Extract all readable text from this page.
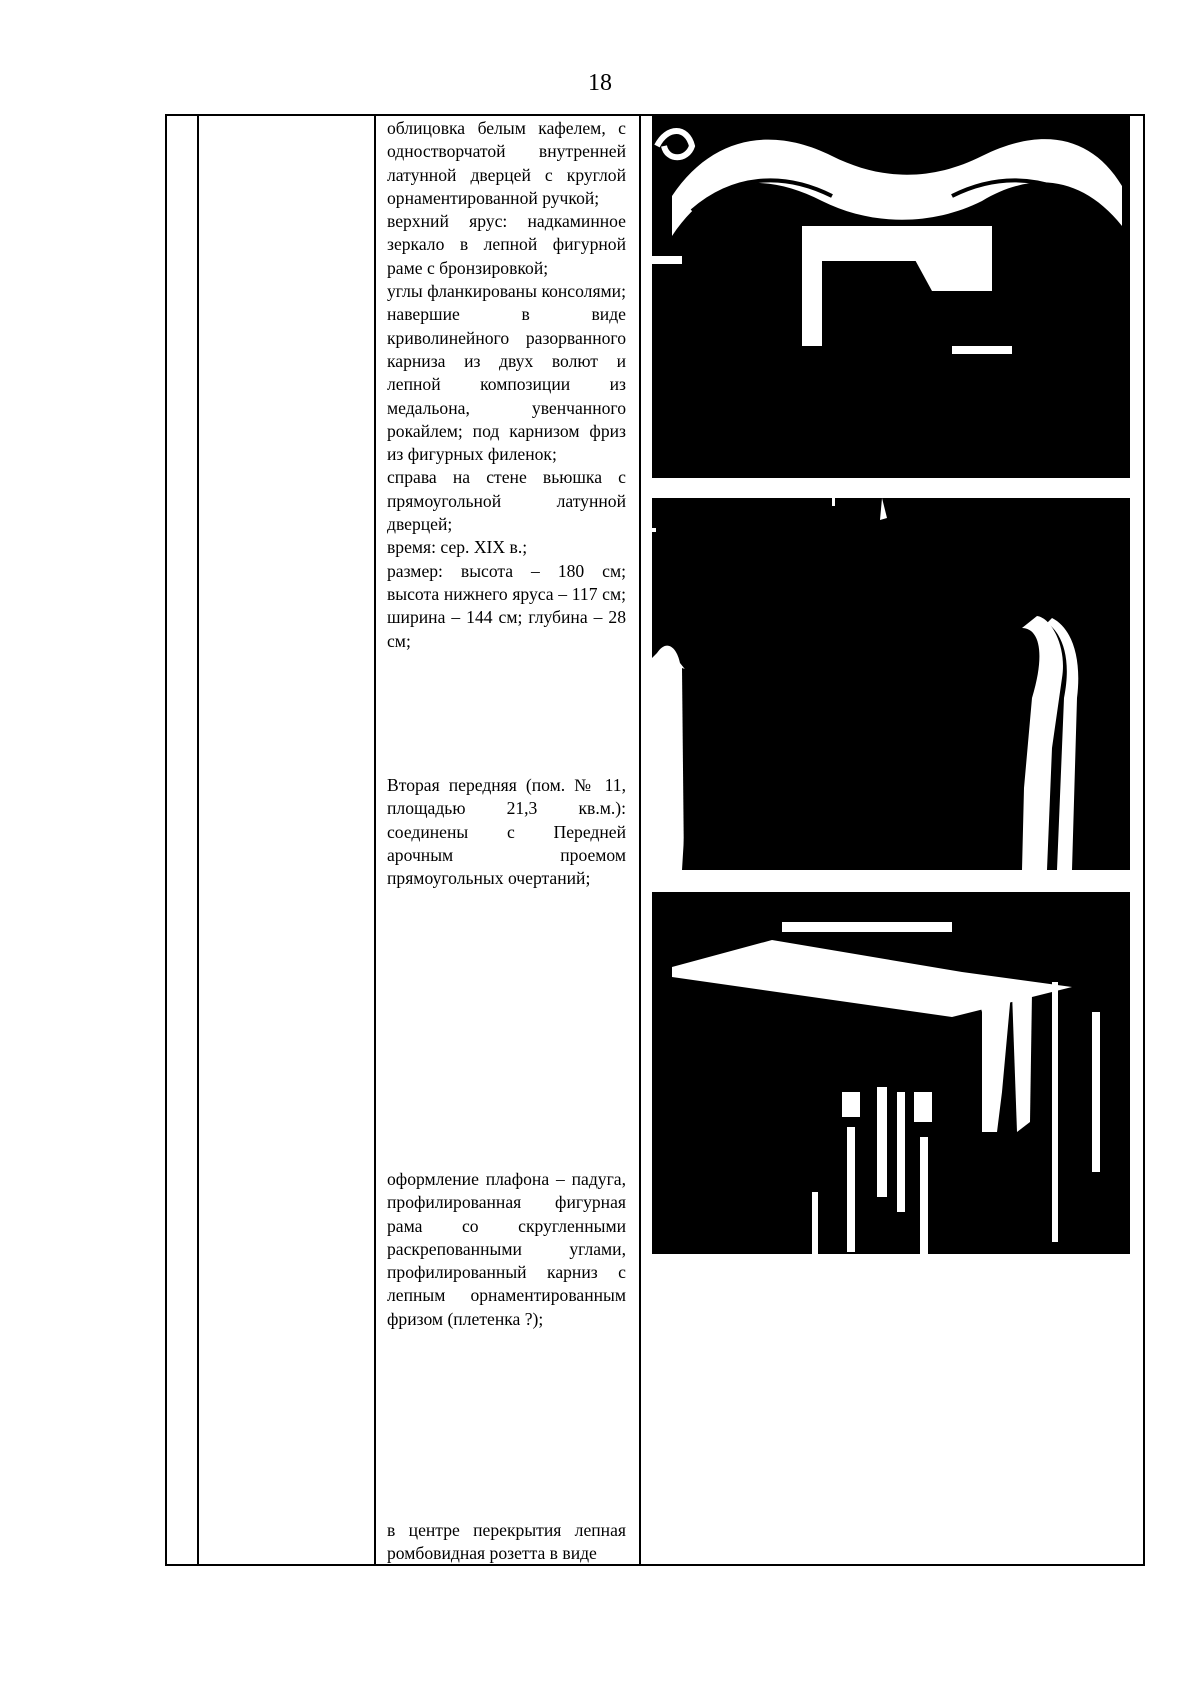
18

облицовка белым кафелем, с одностворчатой внутренней латунной дверцей с круглой орнаментированной ручкой;

верхний ярус: надкаминное зеркало в лепной фигурной раме с бронзировкой;

углы фланкированы консолями; навершие в виде криволинейного разорванного карниза из двух волют и лепной композиции из медальона, увенчанного рокайлем; под карнизом фриз из фигурных филенок;

справа на стене вьюшка с прямоугольной латунной дверцей;

время: сер. XIX в.;

размер: высота – 180 см; высота нижнего яруса – 117 см; ширина – 144 см; глубина – 28 см;

Вторая передняя (пом. № 11, площадью 21,3 кв.м.): соединены с Передней арочным проемом прямоугольных очертаний;

оформление плафона – падуга, профилированная фигурная рама со скругленными раскрепованными углами, профилированный карниз с лепным орнаментированным фризом (плетенка ?);

в центре перекрытия лепная ромбовидная розетта в виде
